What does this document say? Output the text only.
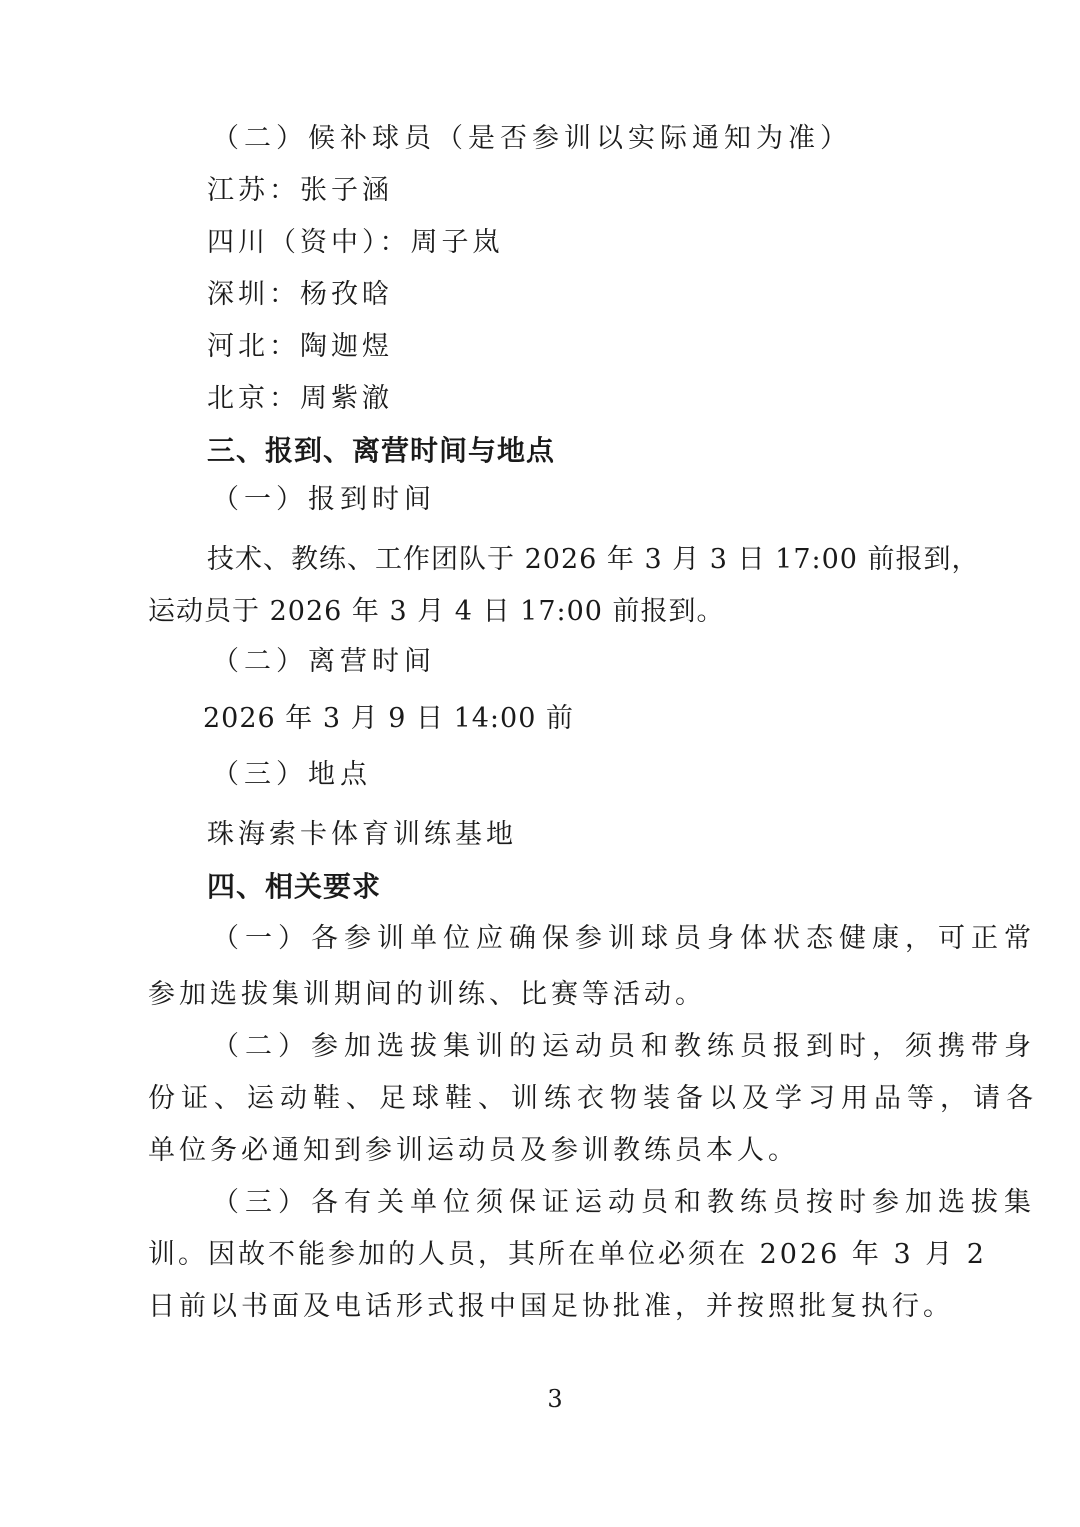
（二）候补球员（是否参训以实际通知为准）

江苏：张子涵

四川（资中）：周子岚

深圳：杨孜晗

河北：陶迦煜

北京：周紫澈

三、报到、离营时间与地点

（一）报到时间

技术、教练、工作团队于 2026 年 3 月 3 日 17:00 前报到，

运动员于 2026 年 3 月 4 日 17:00 前报到。

（二）离营时间

2026 年 3 月 9 日 14:00 前

（三）地点

珠海索卡体育训练基地

四、相关要求

（一）各参训单位应确保参训球员身体状态健康，可正常

参加选拔集训期间的训练、比赛等活动。

（二）参加选拔集训的运动员和教练员报到时，须携带身

份证、运动鞋、足球鞋、训练衣物装备以及学习用品等，请各

单位务必通知到参训运动员及参训教练员本人。

（三）各有关单位须保证运动员和教练员按时参加选拔集

训。因故不能参加的人员，其所在单位必须在 2026 年 3 月 2

日前以书面及电话形式报中国足协批准，并按照批复执行。

3
